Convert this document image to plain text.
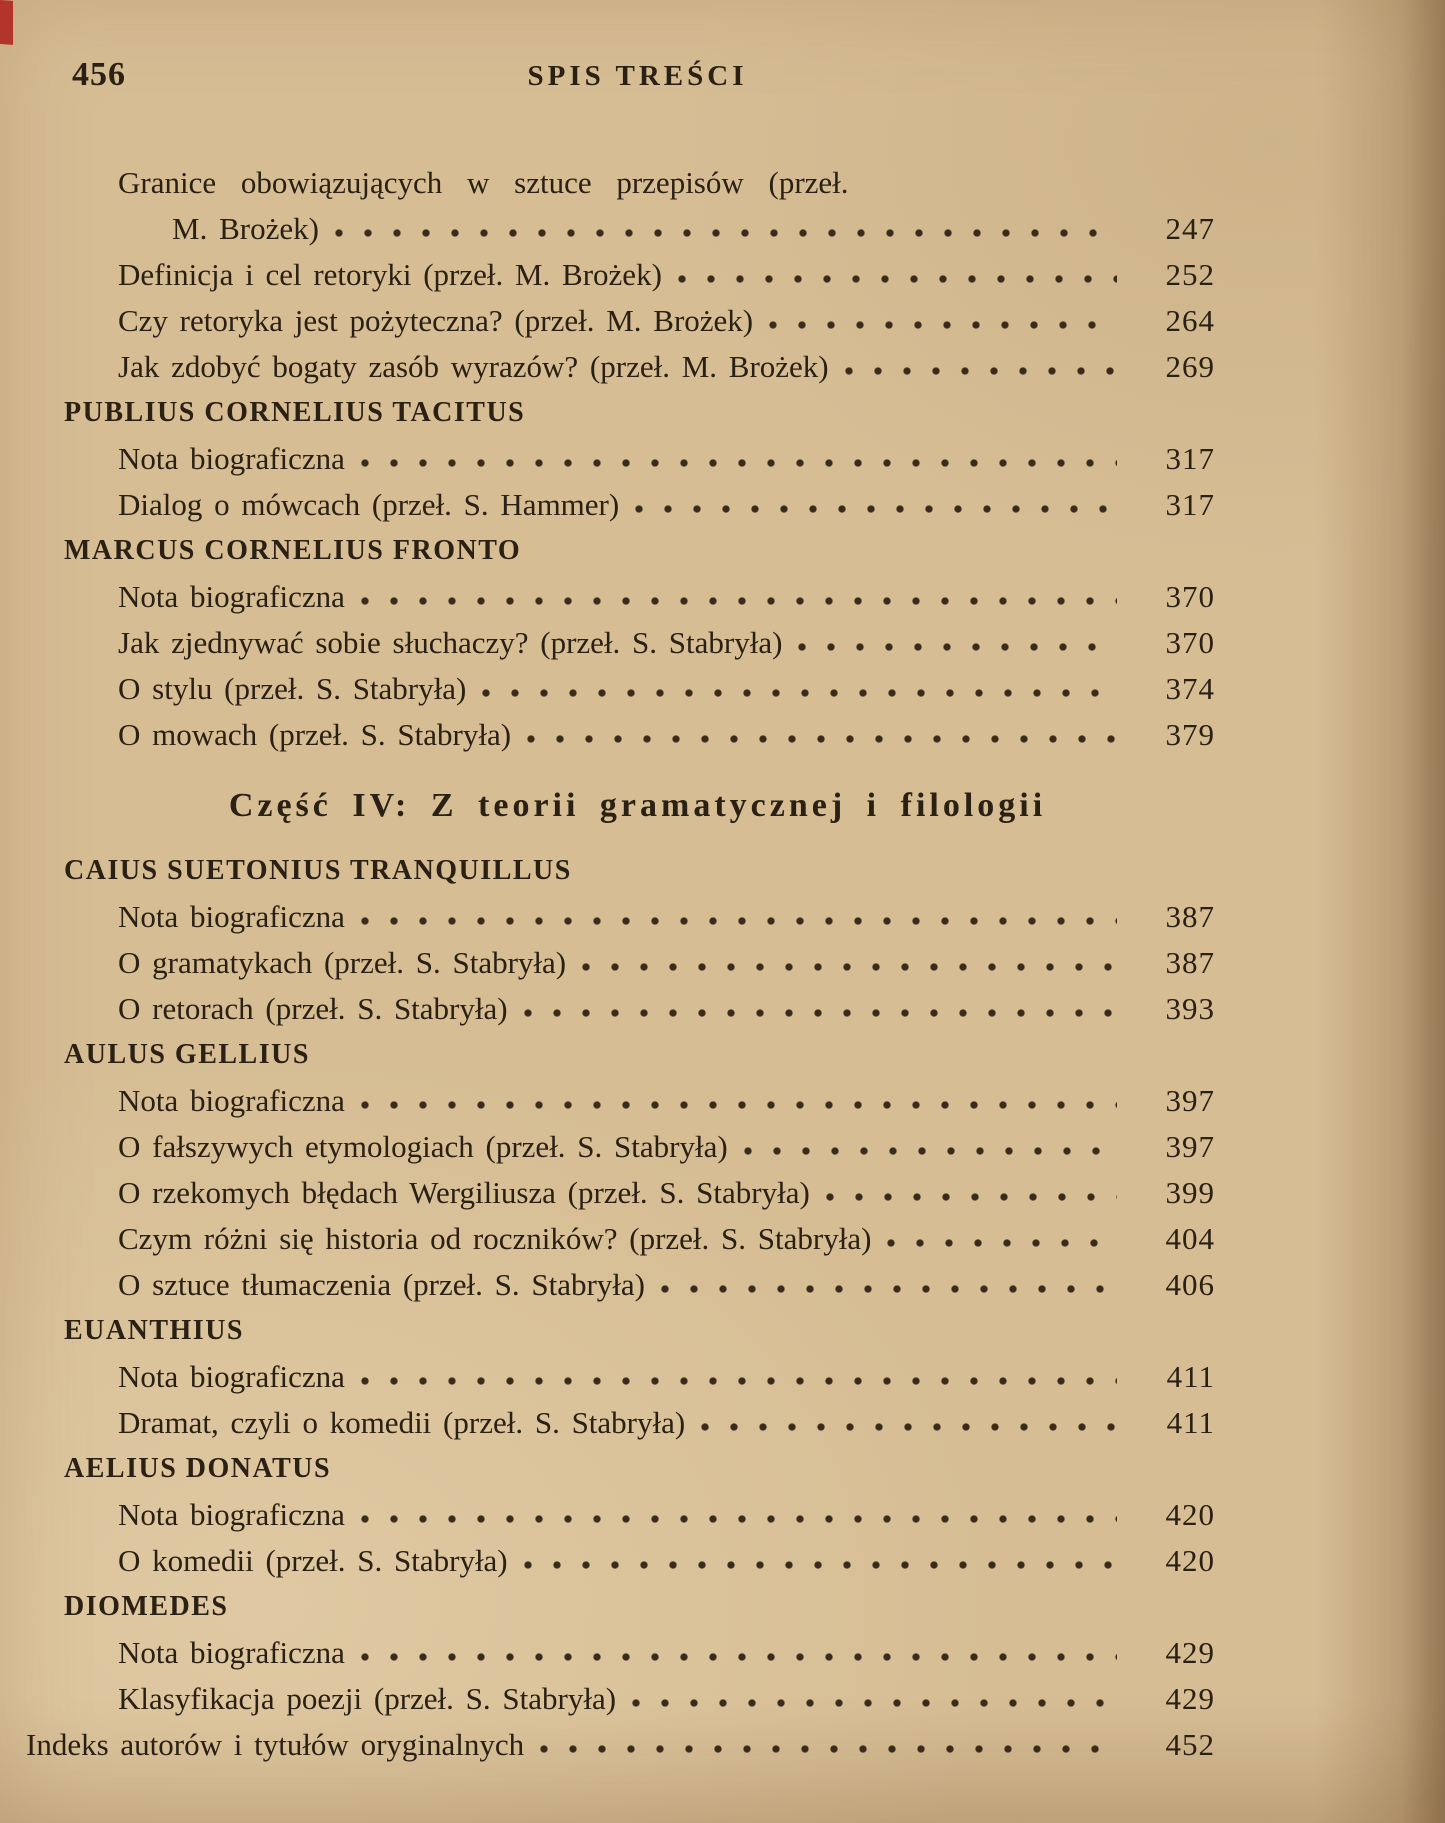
456	SPIS TREŚCI
Granice obowiązujących w sztuce przepisów (przeł.
M. Brożek)	247
Definicja i cel retoryki (przeł. M. Brożek)	252
Czy retoryka jest pożyteczna? (przeł. M. Brożek)	264
Jak zdobyć bogaty zasób wyrazów? (przeł. M. Brożek)	269
PUBLIUS CORNELIUS TACITUS
Nota biograficzna	317
Dialog o mówcach (przeł. S. Hammer)	317
MARCUS CORNELIUS FRONTO
Nota biograficzna	370
Jak zjednywać sobie słuchaczy? (przeł. S. Stabryła)	370
O stylu (przeł. S. Stabryła)	374
O mowach (przeł. S. Stabryła)	379
Część IV: Z teorii gramatycznej i filologii
CAIUS SUETONIUS TRANQUILLUS
Nota biograficzna	387
O gramatykach (przeł. S. Stabryła)	387
O retorach (przeł. S. Stabryła)	393
AULUS GELLIUS
Nota biograficzna	397
O fałszywych etymologiach (przeł. S. Stabryła)	397
O rzekomych błędach Wergiliusza (przeł. S. Stabryła)	399
Czym różni się historia od roczników? (przeł. S. Stabryła)	404
O sztuce tłumaczenia (przeł. S. Stabryła)	406
EUANTHIUS
Nota biograficzna	411
Dramat, czyli o komedii (przeł. S. Stabryła)	411
AELIUS DONATUS
Nota biograficzna	420
O komedii (przeł. S. Stabryła)	420
DIOMEDES
Nota biograficzna	429
Klasyfikacja poezji (przeł. S. Stabryła)	429
Indeks autorów i tytułów oryginalnych	452
